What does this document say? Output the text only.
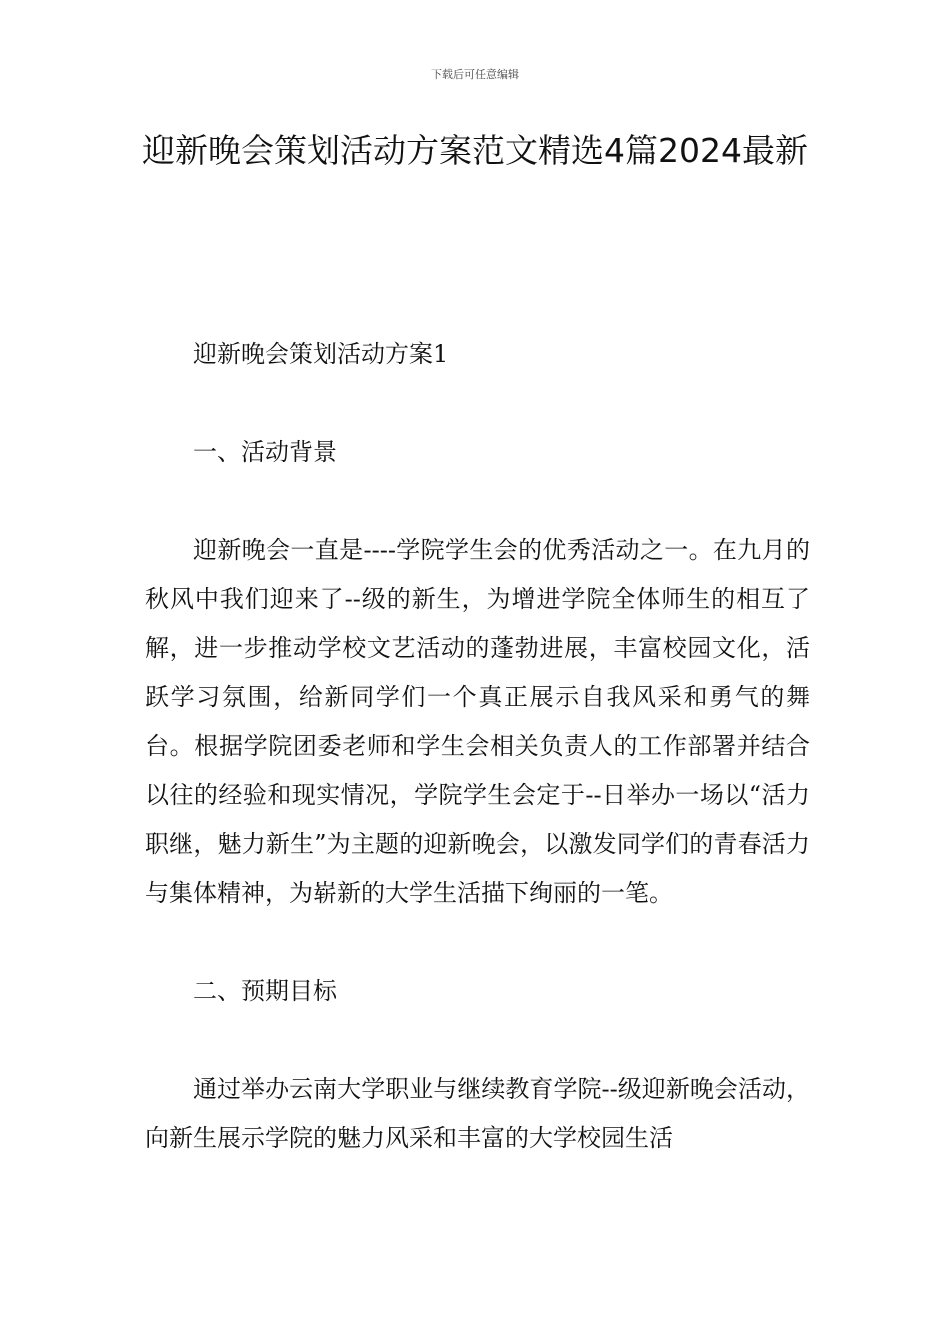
下载后可任意编辑
迎新晚会策划活动方案范文精选4篇2024最新

迎新晚会策划活动方案1

一、活动背景

迎新晚会一直是----学院学生会的优秀活动之一。在九月的秋风中我们迎来了--级的新生，为增进学院全体师生的相互了解，进一步推动学校文艺活动的蓬勃进展，丰富校园文化，活跃学习氛围，给新同学们一个真正展示自我风采和勇气的舞台。根据学院团委老师和学生会相关负责人的工作部署并结合以往的经验和现实情况，学院学生会定于--日举办一场以“活力职继，魅力新生”为主题的迎新晚会，以激发同学们的青春活力与集体精神，为崭新的大学生活描下绚丽的一笔。

二、预期目标

通过举办云南大学职业与继续教育学院--级迎新晚会活动，向新生展示学院的魅力风采和丰富的大学校园生活
